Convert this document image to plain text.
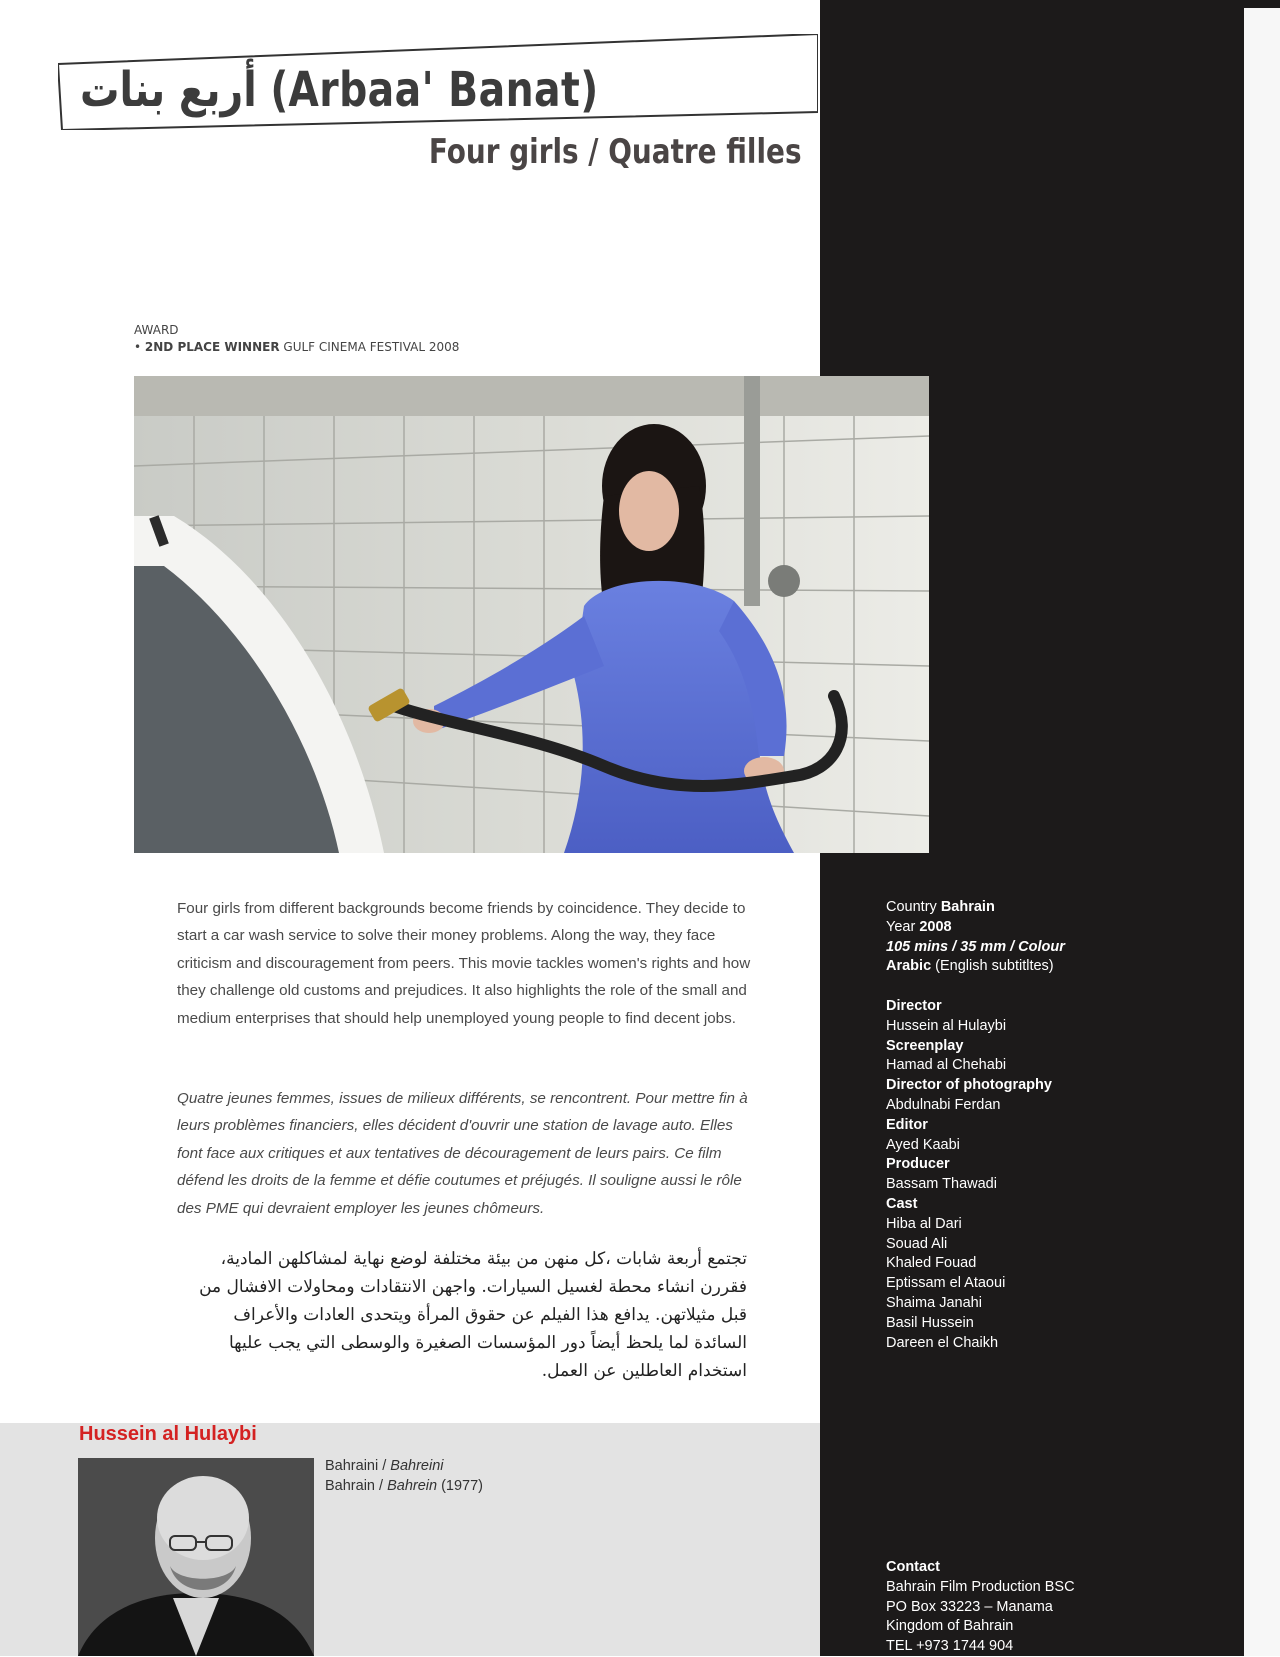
أربع بنات (Arbaa' Banat)
Four girls / Quatre filles
AWARD
• 2ND PLACE WINNER GULF CINEMA FESTIVAL 2008
Four girls from different backgrounds become friends by coincidence. They decide to start a car wash service to solve their money problems. Along the way, they face criticism and discouragement from peers. This movie tackles women's rights and how they challenge old customs and prejudices. It also highlights the role of the small and medium enterprises that should help unemployed young people to find decent jobs.
Quatre jeunes femmes, issues de milieux différents, se rencontrent. Pour mettre fin à leurs problèmes financiers, elles décident d'ouvrir une station de lavage auto. Elles font face aux critiques et aux tentatives de découragement de leurs pairs. Ce film défend les droits de la femme et défie coutumes et préjugés. Il souligne aussi le rôle des PME qui devraient employer les jeunes chômeurs.
تجتمع أربعة شابات ،كل منهن من بيئة مختلفة لوضع نهاية لمشاكلهن المادية، فقررن انشاء محطة لغسيل السيارات. واجهن الانتقادات ومحاولات الافشال من قبل مثيلاتهن. يدافع هذا الفيلم عن حقوق المرأة ويتحدى العادات والأعراف السائدة لما يلحظ أيضاً دور المؤسسات الصغيرة والوسطى التي يجب عليها استخدام العاطلين عن العمل.
Country Bahrain
Year 2008
105 mins / 35 mm / Colour
Arabic (English subtitltes)
Director
Hussein al Hulaybi
Screenplay
Hamad al Chehabi
Director of photography
Abdulnabi Ferdan
Editor
Ayed Kaabi
Producer
Bassam Thawadi
Cast
Hiba al Dari
Souad Ali
Khaled Fouad
Eptissam el Ataoui
Shaima Janahi
Basil Hussein
Dareen el Chaikh
Contact
Bahrain Film Production BSC
PO Box 33223 – Manama
Kingdom of Bahrain
TEL +973 1744 904
Hussein al Hulaybi
Bahraini / Bahreini
Bahrain / Bahrein (1977)
